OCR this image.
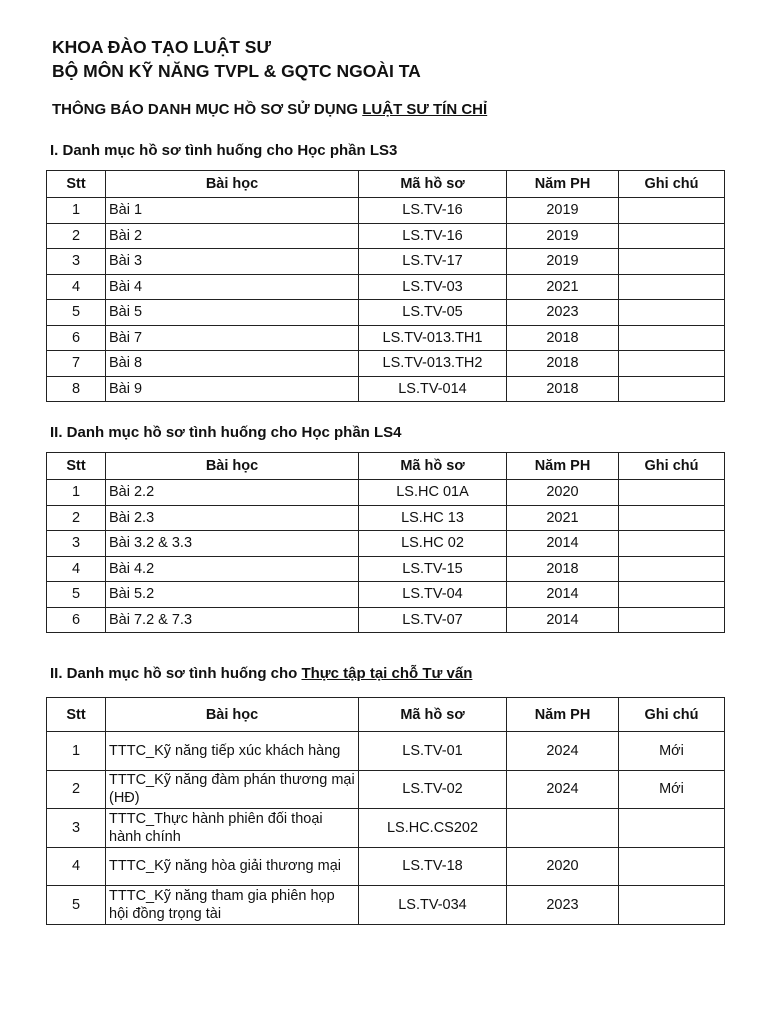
KHOA ĐÀO TẠO LUẬT SƯ
BỘ MÔN KỸ NĂNG TVPL & GQTC NGOÀI TA
THÔNG BÁO DANH MỤC HỒ SƠ SỬ DỤNG LUẬT SƯ TÍN CHỈ
I. Danh mục hồ sơ tình huống cho Học phần LS3
Stt	Bài học	Mã hồ sơ	Năm PH	Ghi chú
1	Bài 1	LS.TV-16	2019	
2	Bài 2	LS.TV-16	2019	
3	Bài 3	LS.TV-17	2019	
4	Bài 4	LS.TV-03	2021	
5	Bài 5	LS.TV-05	2023	
6	Bài 7	LS.TV-013.TH1	2018	
7	Bài 8	LS.TV-013.TH2	2018	
8	Bài 9	LS.TV-014	2018	
II. Danh mục hồ sơ tình huống cho Học phần LS4
Stt	Bài học	Mã hồ sơ	Năm PH	Ghi chú
1	Bài 2.2	LS.HC 01A	2020	
2	Bài 2.3	LS.HC 13	2021	
3	Bài 3.2 & 3.3	LS.HC 02	2014	
4	Bài 4.2	LS.TV-15	2018	
5	Bài 5.2	LS.TV-04	2014	
6	Bài 7.2 & 7.3	LS.TV-07	2014	
II. Danh mục hồ sơ tình huống cho Thực tập tại chỗ Tư vấn
Stt	Bài học	Mã hồ sơ	Năm PH	Ghi chú
1	TTTC_Kỹ năng tiếp xúc khách hàng	LS.TV-01	2024	Mới
2	TTTC_Kỹ năng đàm phán thương mại (HĐ)	LS.TV-02	2024	Mới
3	TTTC_Thực hành phiên đối thoại hành chính	LS.HC.CS202		
4	TTTC_Kỹ năng hòa giải thương mại	LS.TV-18	2020	
5	TTTC_Kỹ năng tham gia phiên họp hội đồng trọng tài	LS.TV-034	2023	
